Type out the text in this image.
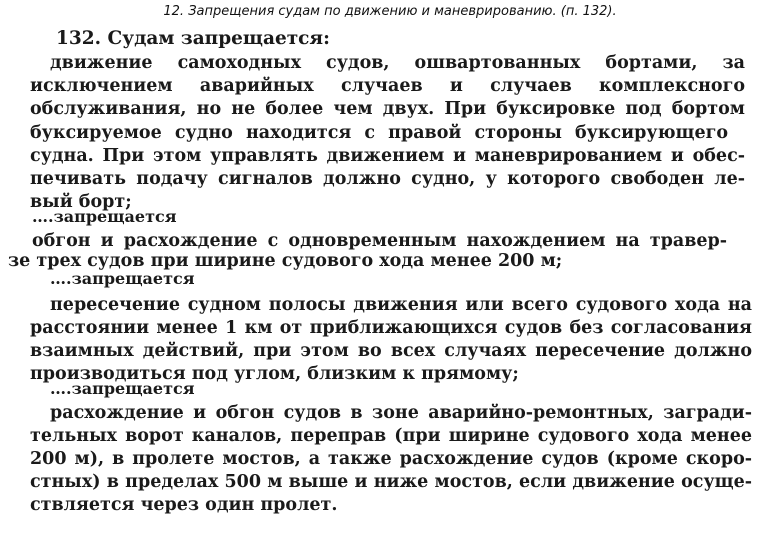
12. Запрещения судам по движению и маневрированию. (п. 132).
132. Судам запрещается:
движение самоходных судов, ошвартованных бортами, за
исключением аварийных случаев и случаев комплексного
обслуживания, но не более чем двух. При буксировке под бортом
буксируемое судно находится с правой стороны буксирующего
судна. При этом управлять движением и маневрированием и обес-
печивать подачу сигналов должно судно, у которого свободен ле-
вый борт;
….запрещается
обгон и расхождение с одновременным нахождением на травер-
зе трех судов при ширине судового хода менее 200 м;
….запрещается
пересечение судном полосы движения или всего судового хода на
расстоянии менее 1 км от приближающихся судов без согласования
взаимных действий, при этом во всех случаях пересечение должно
производиться под углом, близким к прямому;
….запрещается
расхождение и обгон судов в зоне аварийно-ремонтных, загради-
тельных ворот каналов, переправ (при ширине судового хода менее
200 м), в пролете мостов, а также расхождение судов (кроме скоро-
стных) в пределах 500 м выше и ниже мостов, если движение осуще-
ствляется через один пролет.
